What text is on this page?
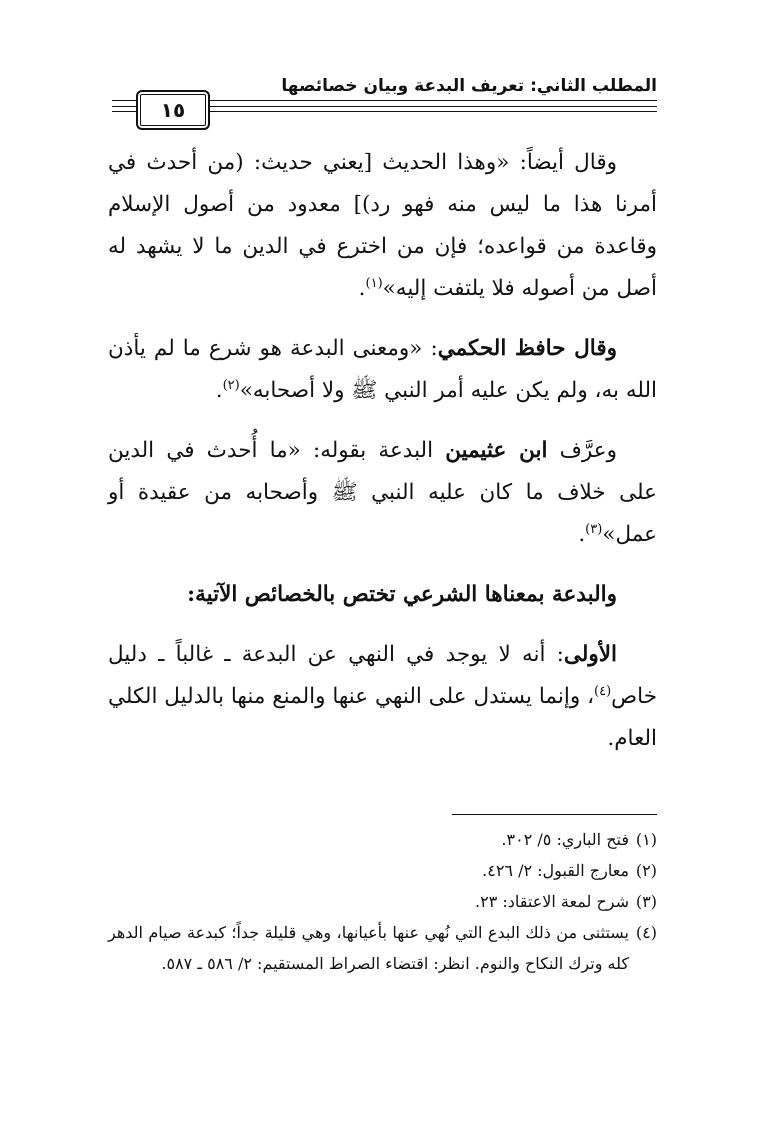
المطلب الثاني: تعريف البدعة وبيان خصائصها
١٥

وقال أيضاً: «وهذا الحديث [يعني حديث: (من أحدث في أمرنا هذا ما ليس منه فهو رد)] معدود من أصول الإسلام وقاعدة من قواعده؛ فإن من اخترع في الدين ما لا يشهد له أصل من أصوله فلا يلتفت إليه»$^{(١)}$.

وقال حافظ الحكمي: «ومعنى البدعة هو شرع ما لم يأذن الله به، ولم يكن عليه أمر النبي ﷺ ولا أصحابه»$^{(٢)}$.

وعرَّف ابن عثيمين البدعة بقوله: «ما أُحدث في الدين على خلاف ما كان عليه النبي ﷺ وأصحابه من عقيدة أو عمل»$^{(٣)}$.

والبدعة بمعناها الشرعي تختص بالخصائص الآتية:

الأولى: أنه لا يوجد في النهي عن البدعة ـ غالباً ـ دليل خاص$^{(٤)}$، وإنما يستدل على النهي عنها والمنع منها بالدليل الكلي العام.

(١)
فتح الباري: ٥/ ٣٠٢.

(٢)
معارج القبول: ٢/ ٤٢٦.

(٣)
شرح لمعة الاعتقاد: ٢٣.

(٤)
يستثنى من ذلك البدع التي نُهي عنها بأعيانها، وهي قليلة جداً؛ كبدعة صيام الدهر كله وترك النكاح والنوم. انظر: اقتضاء الصراط المستقيم: ٢/ ٥٨٦ ـ ٥٨٧.
